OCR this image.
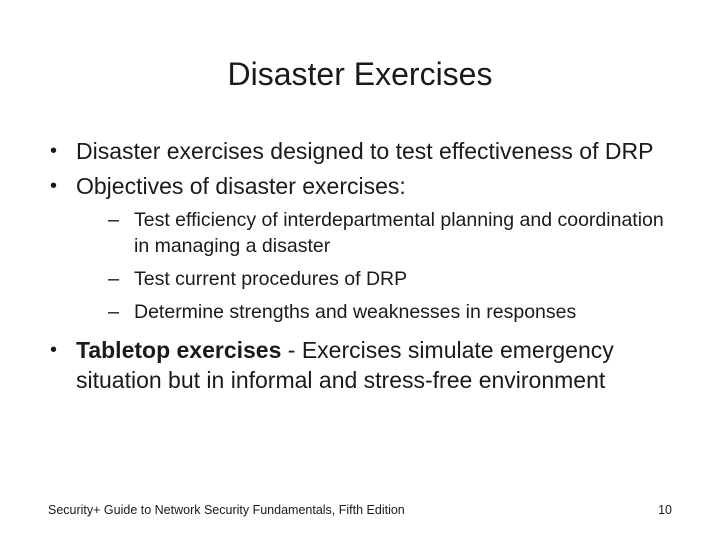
Disaster Exercises
• Disaster exercises designed to test effectiveness of DRP
• Objectives of disaster exercises:
– Test efficiency of interdepartmental planning and coordination in managing a disaster
– Test current procedures of DRP
– Determine strengths and weaknesses in responses
• Tabletop exercises - Exercises simulate emergency situation but in informal and stress-free environment
Security+ Guide to Network Security Fundamentals, Fifth Edition	10
